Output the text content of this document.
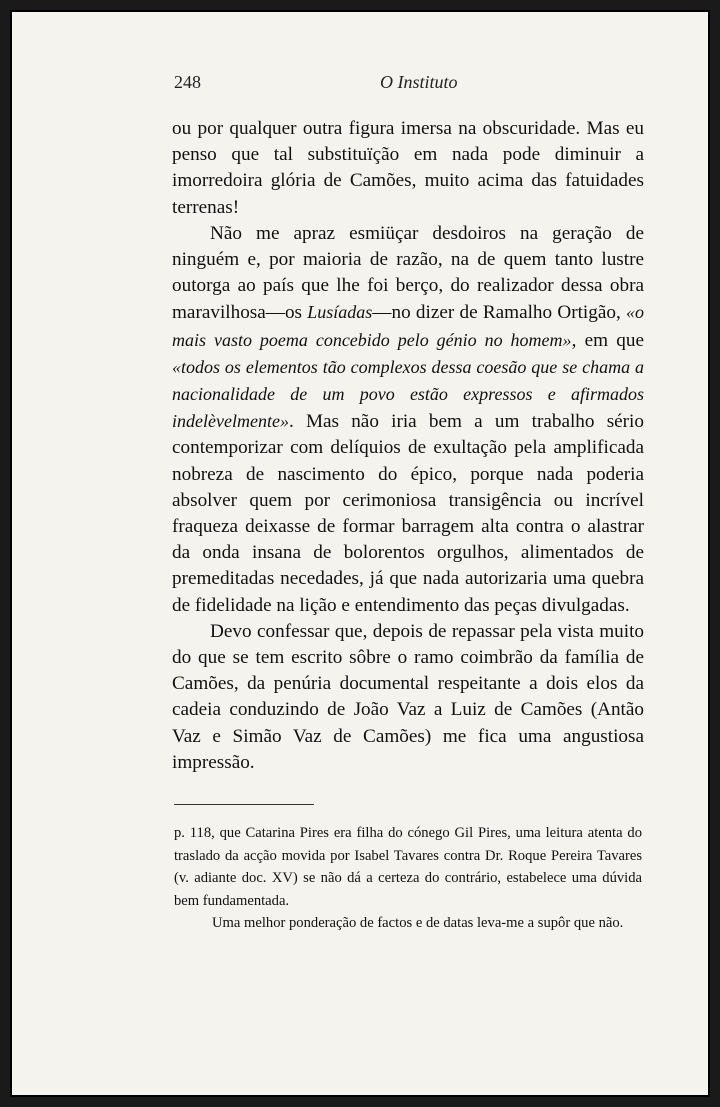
248	O Instituto

ou por qualquer outra figura imersa na obscuridade. Mas eu penso que tal substituïção em nada pode diminuir a imorredoira glória de Camões, muito acima das fatuidades terrenas!

Não me apraz esmiüçar desdoiros na geração de ninguém e, por maioria de razão, na de quem tanto lustre outorga ao país que lhe foi berço, do realizador dessa obra maravilhosa—os Lusíadas—no dizer de Ramalho Ortigão, «o mais vasto poema concebido pelo génio no homem», em que «todos os elementos tão complexos dessa coesão que se chama a nacionalidade de um povo estão expressos e afirmados indelèvelmente». Mas não iria bem a um trabalho sério contemporizar com delíquios de exultação pela amplificada nobreza de nascimento do épico, porque nada poderia absolver quem por cerimoniosa transigência ou incrível fraqueza deixasse de formar barragem alta contra o alastrar da onda insana de bolorentos orgulhos, alimentados de premeditadas necedades, já que nada autorizaria uma quebra de fidelidade na lição e entendimento das peças divulgadas.

Devo confessar que, depois de repassar pela vista muito do que se tem escrito sôbre o ramo coimbrão da família de Camões, da penúria documental respeitante a dois elos da cadeia conduzindo de João Vaz a Luiz de Camões (Antão Vaz e Simão Vaz de Camões) me fica uma angustiosa impressão.

p. 118, que Catarina Pires era filha do cónego Gil Pires, uma leitura atenta do traslado da acção movida por Isabel Tavares contra Dr. Roque Pereira Tavares (v. adiante doc. XV) se não dá a certeza do contrário, estabelece uma dúvida bem fundamentada.

Uma melhor ponderação de factos e de datas leva-me a supôr que não.
